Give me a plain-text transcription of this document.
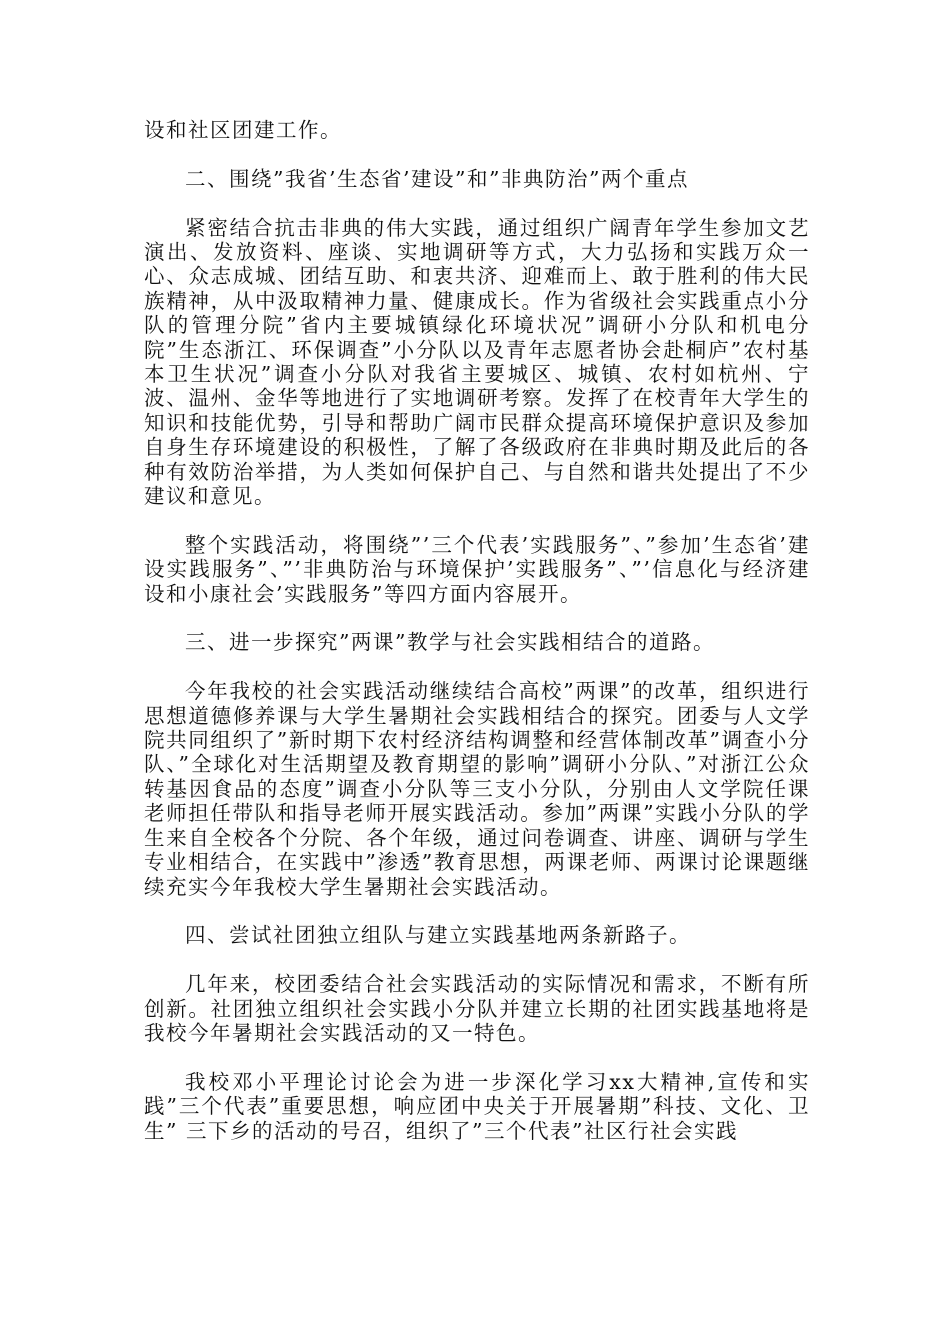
设和社区团建工作。

二、围绕”我省’生态省’建设”和”非典防治”两个重点

紧密结合抗击非典的伟大实践，通过组织广阔青年学生参加文艺演出、发放资料、座谈、实地调研等方式，大力弘扬和实践万众一心、众志成城、团结互助、和衷共济、迎难而上、敢于胜利的伟大民族精神，从中汲取精神力量、健康成长。作为省级社会实践重点小分队的管理分院”省内主要城镇绿化环境状况”调研小分队和机电分院”生态浙江、环保调查”小分队以及青年志愿者协会赴桐庐”农村基本卫生状况”调查小分队对我省主要城区、城镇、农村如杭州、宁波、温州、金华等地进行了实地调研考察。发挥了在校青年大学生的知识和技能优势，引导和帮助广阔市民群众提高环境保护意识及参加自身生存环境建设的积极性，了解了各级政府在非典时期及此后的各种有效防治举措，为人类如何保护自己、与自然和谐共处提出了不少建议和意见。

整个实践活动，将围绕”’三个代表’实践服务”、”参加’生态省’建设实践服务”、”’非典防治与环境保护’实践服务”、”’信息化与经济建设和小康社会’实践服务”等四方面内容展开。

三、进一步探究”两课”教学与社会实践相结合的道路。

今年我校的社会实践活动继续结合高校”两课”的改革，组织进行思想道德修养课与大学生暑期社会实践相结合的探究。团委与人文学院共同组织了”新时期下农村经济结构调整和经营体制改革”调查小分队、”全球化对生活期望及教育期望的影响”调研小分队、”对浙江公众转基因食品的态度”调查小分队等三支小分队，分别由人文学院任课老师担任带队和指导老师开展实践活动。参加”两课”实践小分队的学生来自全校各个分院、各个年级，通过问卷调查、讲座、调研与学生专业相结合，在实践中”渗透”教育思想，两课老师、两课讨论课题继续充实今年我校大学生暑期社会实践活动。

四、尝试社团独立组队与建立实践基地两条新路子。

几年来，校团委结合社会实践活动的实际情况和需求，不断有所创新。社团独立组织社会实践小分队并建立长期的社团实践基地将是我校今年暑期社会实践活动的又一特色。

我校邓小平理论讨论会为进一步深化学习xx大精神,宣传和实践”三个代表”重要思想，响应团中央关于开展暑期”科技、文化、卫生” 三下乡的活动的号召，组织了”三个代表”社区行社会实践
